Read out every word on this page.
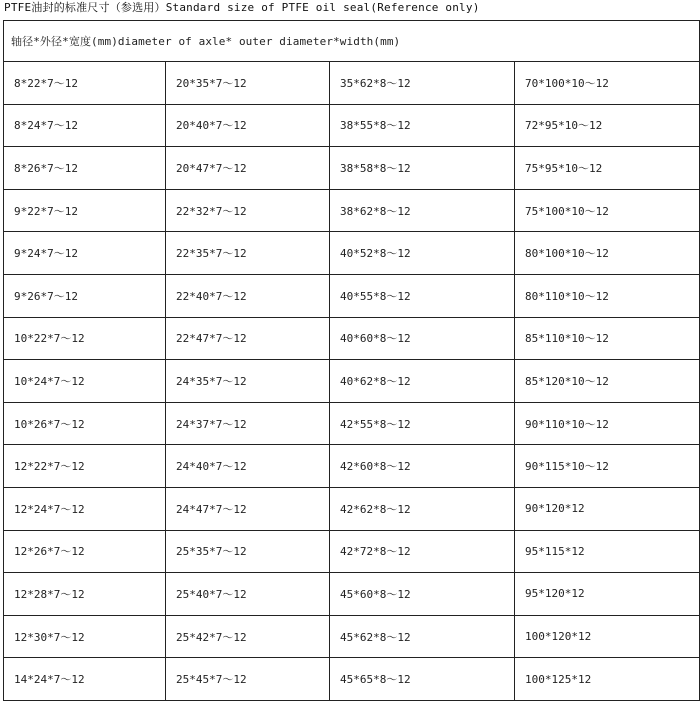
PTFE油封的标准尺寸（参选用）Standard size of PTFE oil seal(Reference only)
轴径*外径*宽度(mm)diameter of axle* outer diameter*width(mm)			
8*22*7～12	20*35*7～12	35*62*8～12	70*100*10～12
8*24*7～12	20*40*7～12	38*55*8～12	72*95*10～12
8*26*7～12	20*47*7～12	38*58*8～12	75*95*10～12
9*22*7～12	22*32*7～12	38*62*8～12	75*100*10～12
9*24*7～12	22*35*7～12	40*52*8～12	80*100*10～12
9*26*7～12	22*40*7～12	40*55*8～12	80*110*10～12
10*22*7～12	22*47*7～12	40*60*8～12	85*110*10～12
10*24*7～12	24*35*7～12	40*62*8～12	85*120*10～12
10*26*7～12	24*37*7～12	42*55*8～12	90*110*10～12
12*22*7～12	24*40*7～12	42*60*8～12	90*115*10～12
12*24*7～12	24*47*7～12	42*62*8～12	90*120*12
12*26*7～12	25*35*7～12	42*72*8～12	95*115*12
12*28*7～12	25*40*7～12	45*60*8～12	95*120*12
12*30*7～12	25*42*7～12	45*62*8～12	100*120*12
14*24*7～12	25*45*7～12	45*65*8～12	100*125*12
